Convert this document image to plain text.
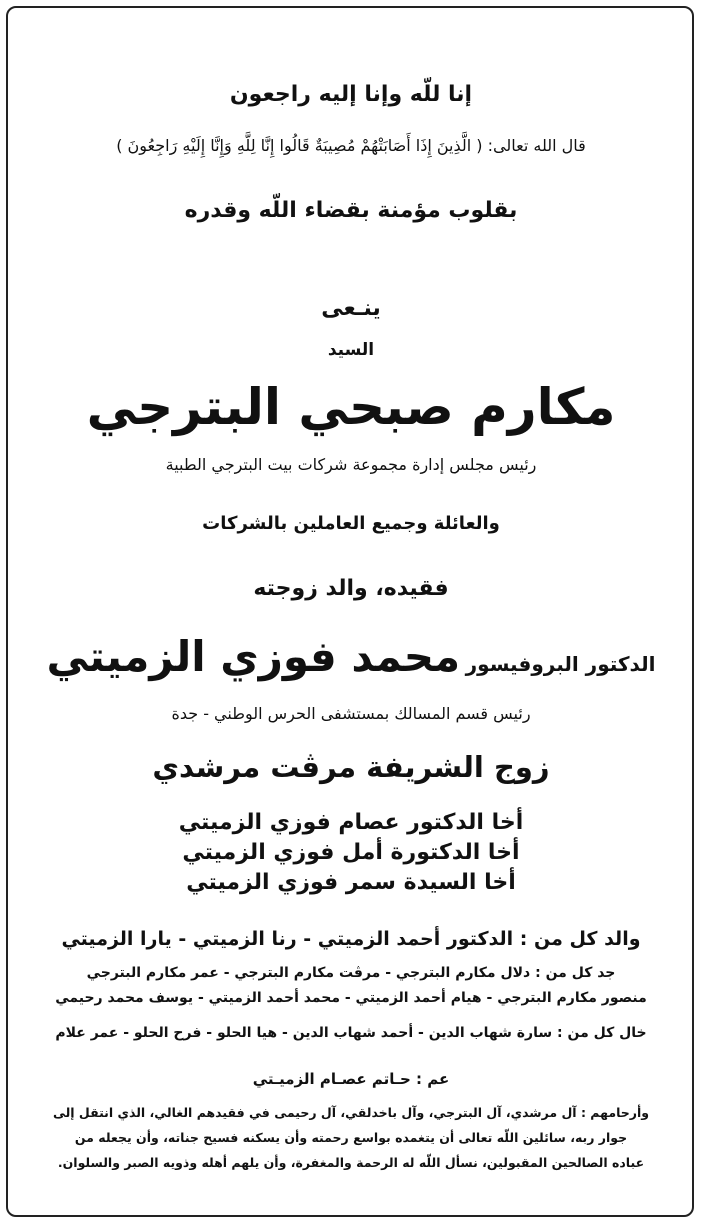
إنا للّه وإنا إليه راجعون
قال الله تعالى: ( الَّذِينَ إِذَا أَصَابَتْهُمْ مُصِيبَةٌ قَالُوا إِنَّا لِلَّهِ وَإِنَّا إِلَيْهِ رَاجِعُونَ )
بقلوب مؤمنة بقضاء اللّه وقدره
ينـعى
السيد
مكارم صبحي البترجي
رئيس مجلس إدارة مجموعة شركات بيت البترجي الطبية
والعائلة وجميع العاملين بالشركات
فقيده، والد زوجته
الدكتور البروفيسور محمد فوزي الزميتي
رئيس قسم المسالك بمستشفى الحرس الوطني - جدة
زوج الشريفة مرڤت مرشدي
أخا الدكتور عصام فوزي الزميتي
أخا الدكتورة أمل فوزي الزميتي
أخا السيدة سمر فوزي الزميتي
والد كل من : الدكتور أحمد الزميتي - رنا الزميتي - يارا الزميتي
جد كل من : دلال مكارم البترجي - مرڤت مكارم البترجي - عمر مكارم البترجي
منصور مكارم البترجي - هيام أحمد الزميتي - محمد أحمد الزميتي - يوسف محمد رحيمي
خال كل من : سارة شهاب الدين - أحمد شهاب الدين - هيا الحلو - فرح الحلو - عمر علام
عم : حـاتم عصـام الزميـتي
وأرحامهم : آل مرشدي، آل البترجي، وآل باخدلقي، آل رحيمى في فقيدهم الغالي، الذي انتقل إلى
جوار ربه، سائلين اللّه تعالى أن يتغمده بواسع رحمته وأن يسكنه فسيح جناته، وأن يجعله من
عباده الصالحين المقبولين، نسأل اللّه له الرحمة والمغفرة، وأن يلهم أهله وذويه الصبر والسلوان.
